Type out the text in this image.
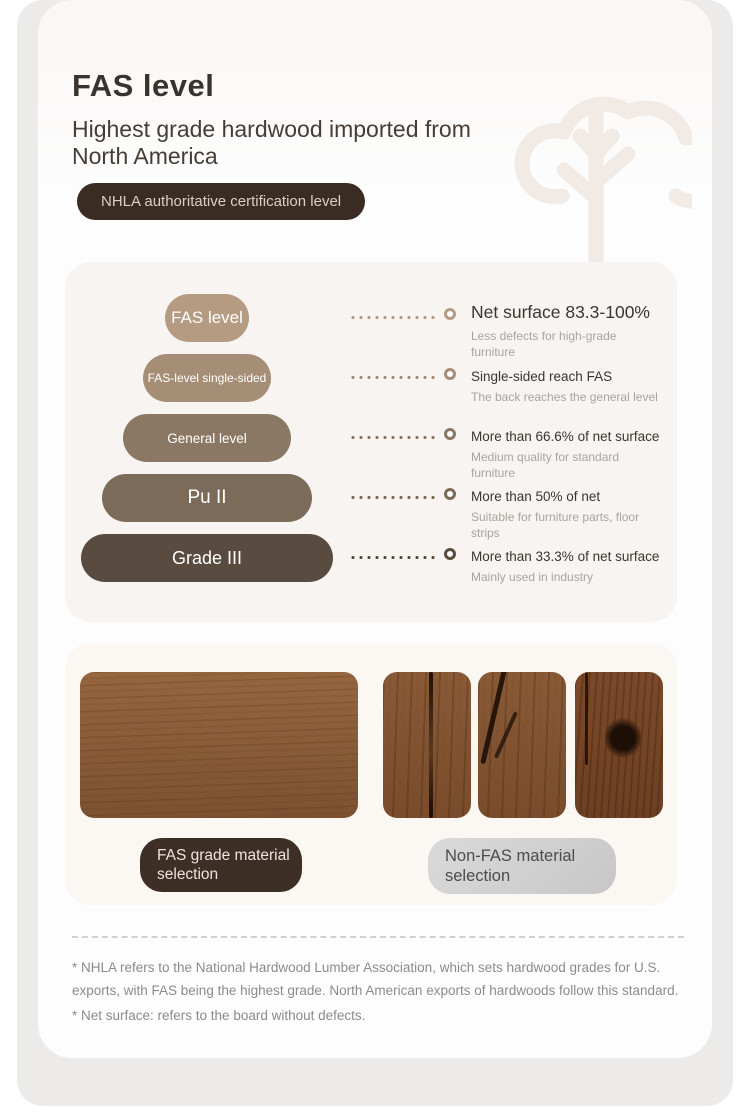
FAS level

Highest grade hardwood imported from North America

NHLA authoritative certification level
FAS level	Net surface 83.3-100%
Less defects for high-grade furniture
FAS-level single-sided	Single-sided reach FAS
The back reaches the general level
General level	More than 66.6% of net surface
Medium quality for standard furniture
Pu II	More than 50% of net
Suitable for furniture parts, floor strips
Grade III	More than 33.3% of net surface
Mainly used in industry
FAS grade material selection
Non-FAS material selection

* NHLA refers to the National Hardwood Lumber Association, which sets hardwood grades for U.S. exports, with FAS being the highest grade. North American exports of hardwoods follow this standard.

* Net surface: refers to the board without defects.
